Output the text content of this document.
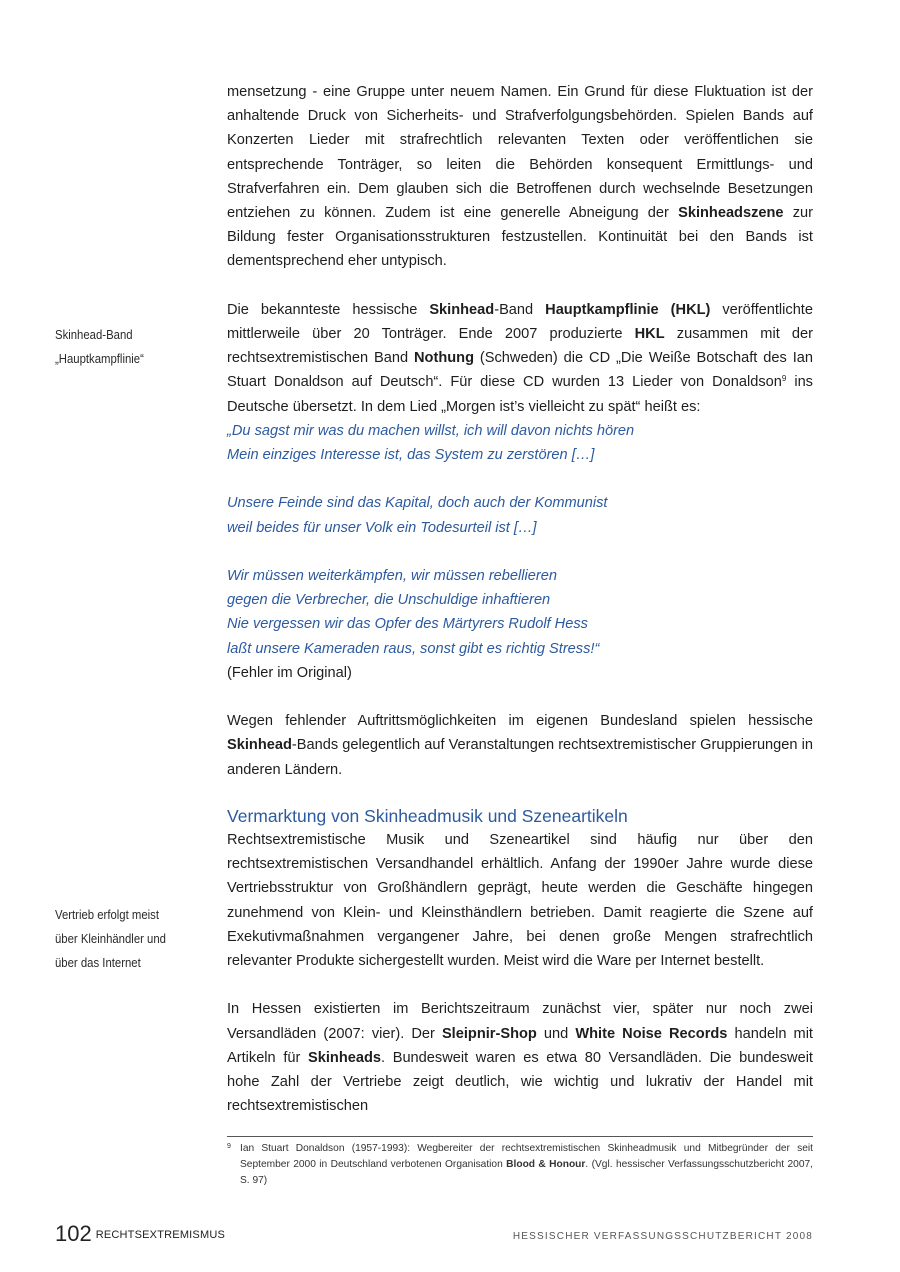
mensetzung - eine Gruppe unter neuem Namen. Ein Grund für diese Fluktuation ist der anhaltende Druck von Sicherheits- und Strafverfolgungsbehörden. Spielen Bands auf Konzerten Lieder mit strafrechtlich relevanten Texten oder veröffentlichen sie entsprechende Tonträger, so leiten die Behörden konsequent Ermittlungs- und Strafverfahren ein. Dem glauben sich die Betroffenen durch wechselnde Besetzungen entziehen zu können. Zudem ist eine generelle Abneigung der Skinheadszene zur Bildung fester Organisationsstrukturen festzustellen. Kontinuität bei den Bands ist dementsprechend eher untypisch.

Die bekannteste hessische Skinhead-Band Hauptkampflinie (HKL) veröffentlichte mittlerweile über 20 Tonträger. Ende 2007 produzierte HKL zusammen mit der rechtsextremistischen Band Nothung (Schweden) die CD „Die Weiße Botschaft des Ian Stuart Donaldson auf Deutsch“. Für diese CD wurden 13 Lieder von Donaldson$^9$ ins Deutsche übersetzt. In dem Lied „Morgen ist’s vielleicht zu spät“ heißt es:

„Du sagst mir was du machen willst, ich will davon nichts hören
Mein einziges Interesse ist, das System zu zerstören […]
Unsere Feinde sind das Kapital, doch auch der Kommunist
weil beides für unser Volk ein Todesurteil ist […]
Wir müssen weiterkämpfen, wir müssen rebellieren
gegen die Verbrecher, die Unschuldige inhaftieren
Nie vergessen wir das Opfer des Märtyrers Rudolf Hess
laßt unsere Kameraden raus, sonst gibt es richtig Stress!“

(Fehler im Original)

Wegen fehlender Auftrittsmöglichkeiten im eigenen Bundesland spielen hessische Skinhead-Bands gelegentlich auf Veranstaltungen rechtsextremistischer Gruppierungen in anderen Ländern.

Vermarktung von Skinheadmusik und Szeneartikeln

Rechtsextremistische Musik und Szeneartikel sind häufig nur über den rechtsextremistischen Versandhandel erhältlich. Anfang der 1990er Jahre wurde diese Vertriebsstruktur von Großhändlern geprägt, heute werden die Geschäfte hingegen zunehmend von Klein- und Kleinsthändlern betrieben. Damit reagierte die Szene auf Exekutivmaßnahmen vergangener Jahre, bei denen große Mengen strafrechtlich relevanter Produkte sichergestellt wurden. Meist wird die Ware per Internet bestellt.

In Hessen existierten im Berichtszeitraum zunächst vier, später nur noch zwei Versandläden (2007: vier). Der Sleipnir-Shop und White Noise Records handeln mit Artikeln für Skinheads. Bundesweit waren es etwa 80 Versandläden. Die bundesweit hohe Zahl der Vertriebe zeigt deutlich, wie wichtig und lukrativ der Handel mit rechtsextremistischen

Skinhead-Band
„Hauptkampflinie“
Vertrieb erfolgt meist
über Kleinhändler und
über das Internet
9 Ian Stuart Donaldson (1957-1993): Wegbereiter der rechtsextremistischen Skinheadmusik und Mitbegründer der seit September 2000 in Deutschland verbotenen Organisation Blood & Honour. (Vgl. hessischer Verfassungsschutzbericht 2007, S. 97)
102 RECHTSEXTREMISMUS	HESSISCHER VERFASSUNGSSCHUTZBERICHT 2008
